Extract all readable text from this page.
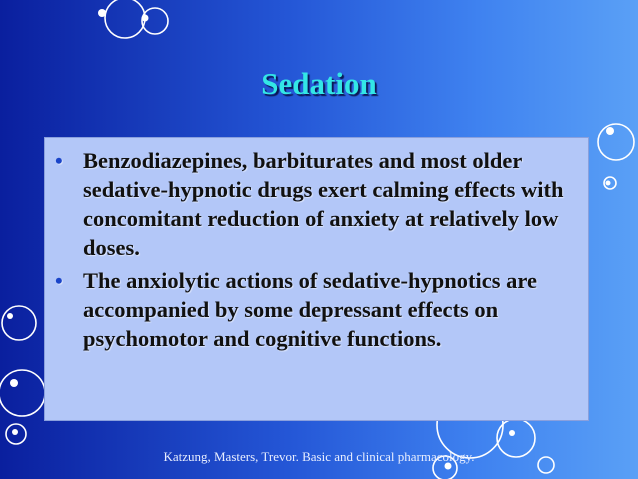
Sedation
• Benzodiazepines, barbiturates and most older sedative-hypnotic drugs exert calming effects with concomitant reduction of anxiety at relatively low doses.
• The anxiolytic actions of sedative-hypnotics are accompanied by some depressant effects on psychomotor and cognitive functions.
Katzung, Masters, Trevor. Basic and clinical pharmacology.
